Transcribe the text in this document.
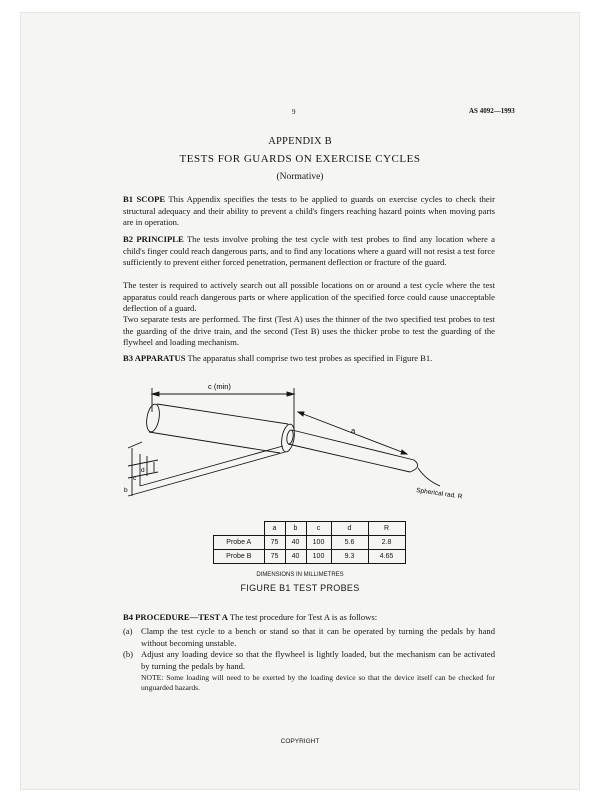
9	AS 4092—1993
APPENDIX B
TESTS FOR GUARDS ON EXERCISE CYCLES
(Normative)
B1 SCOPE This Appendix specifies the tests to be applied to guards on exercise cycles to check their structural adequacy and their ability to prevent a child's fingers reaching hazard points when moving parts are in operation.
B2 PRINCIPLE The tests involve probing the test cycle with test probes to find any location where a child's finger could reach dangerous parts, and to find any locations where a guard will not resist a test force sufficiently to prevent either forced penetration, permanent deflection or fracture of the guard.
The tester is required to actively search out all possible locations on or around a test cycle where the test apparatus could reach dangerous parts or where application of the specified force could cause unacceptable deflection of a guard.
Two separate tests are performed. The first (Test A) uses the thinner of the two specified test probes to test the guarding of the drive train, and the second (Test B) uses the thicker probe to test the guarding of the flywheel and loading mechanism.
B3 APPARATUS The apparatus shall comprise two test probes as specified in Figure B1.
c (min)
a
b
c
d
Spherical rad. R
	a	b	c	d	R
Probe A	75	40	100	5.6	2.8
Probe B	75	40	100	9.3	4.65
DIMENSIONS IN MILLIMETRES
FIGURE B1 TEST PROBES
B4 PROCEDURE—TEST A The test procedure for Test A is as follows:
(a) Clamp the test cycle to a bench or stand so that it can be operated by turning the pedals by hand without becoming unstable.
(b) Adjust any loading device so that the flywheel is lightly loaded, but the mechanism can be activated by turning the pedals by hand.
NOTE: Some loading will need to be exerted by the loading device so that the device itself can be checked for unguarded hazards.
COPYRIGHT
